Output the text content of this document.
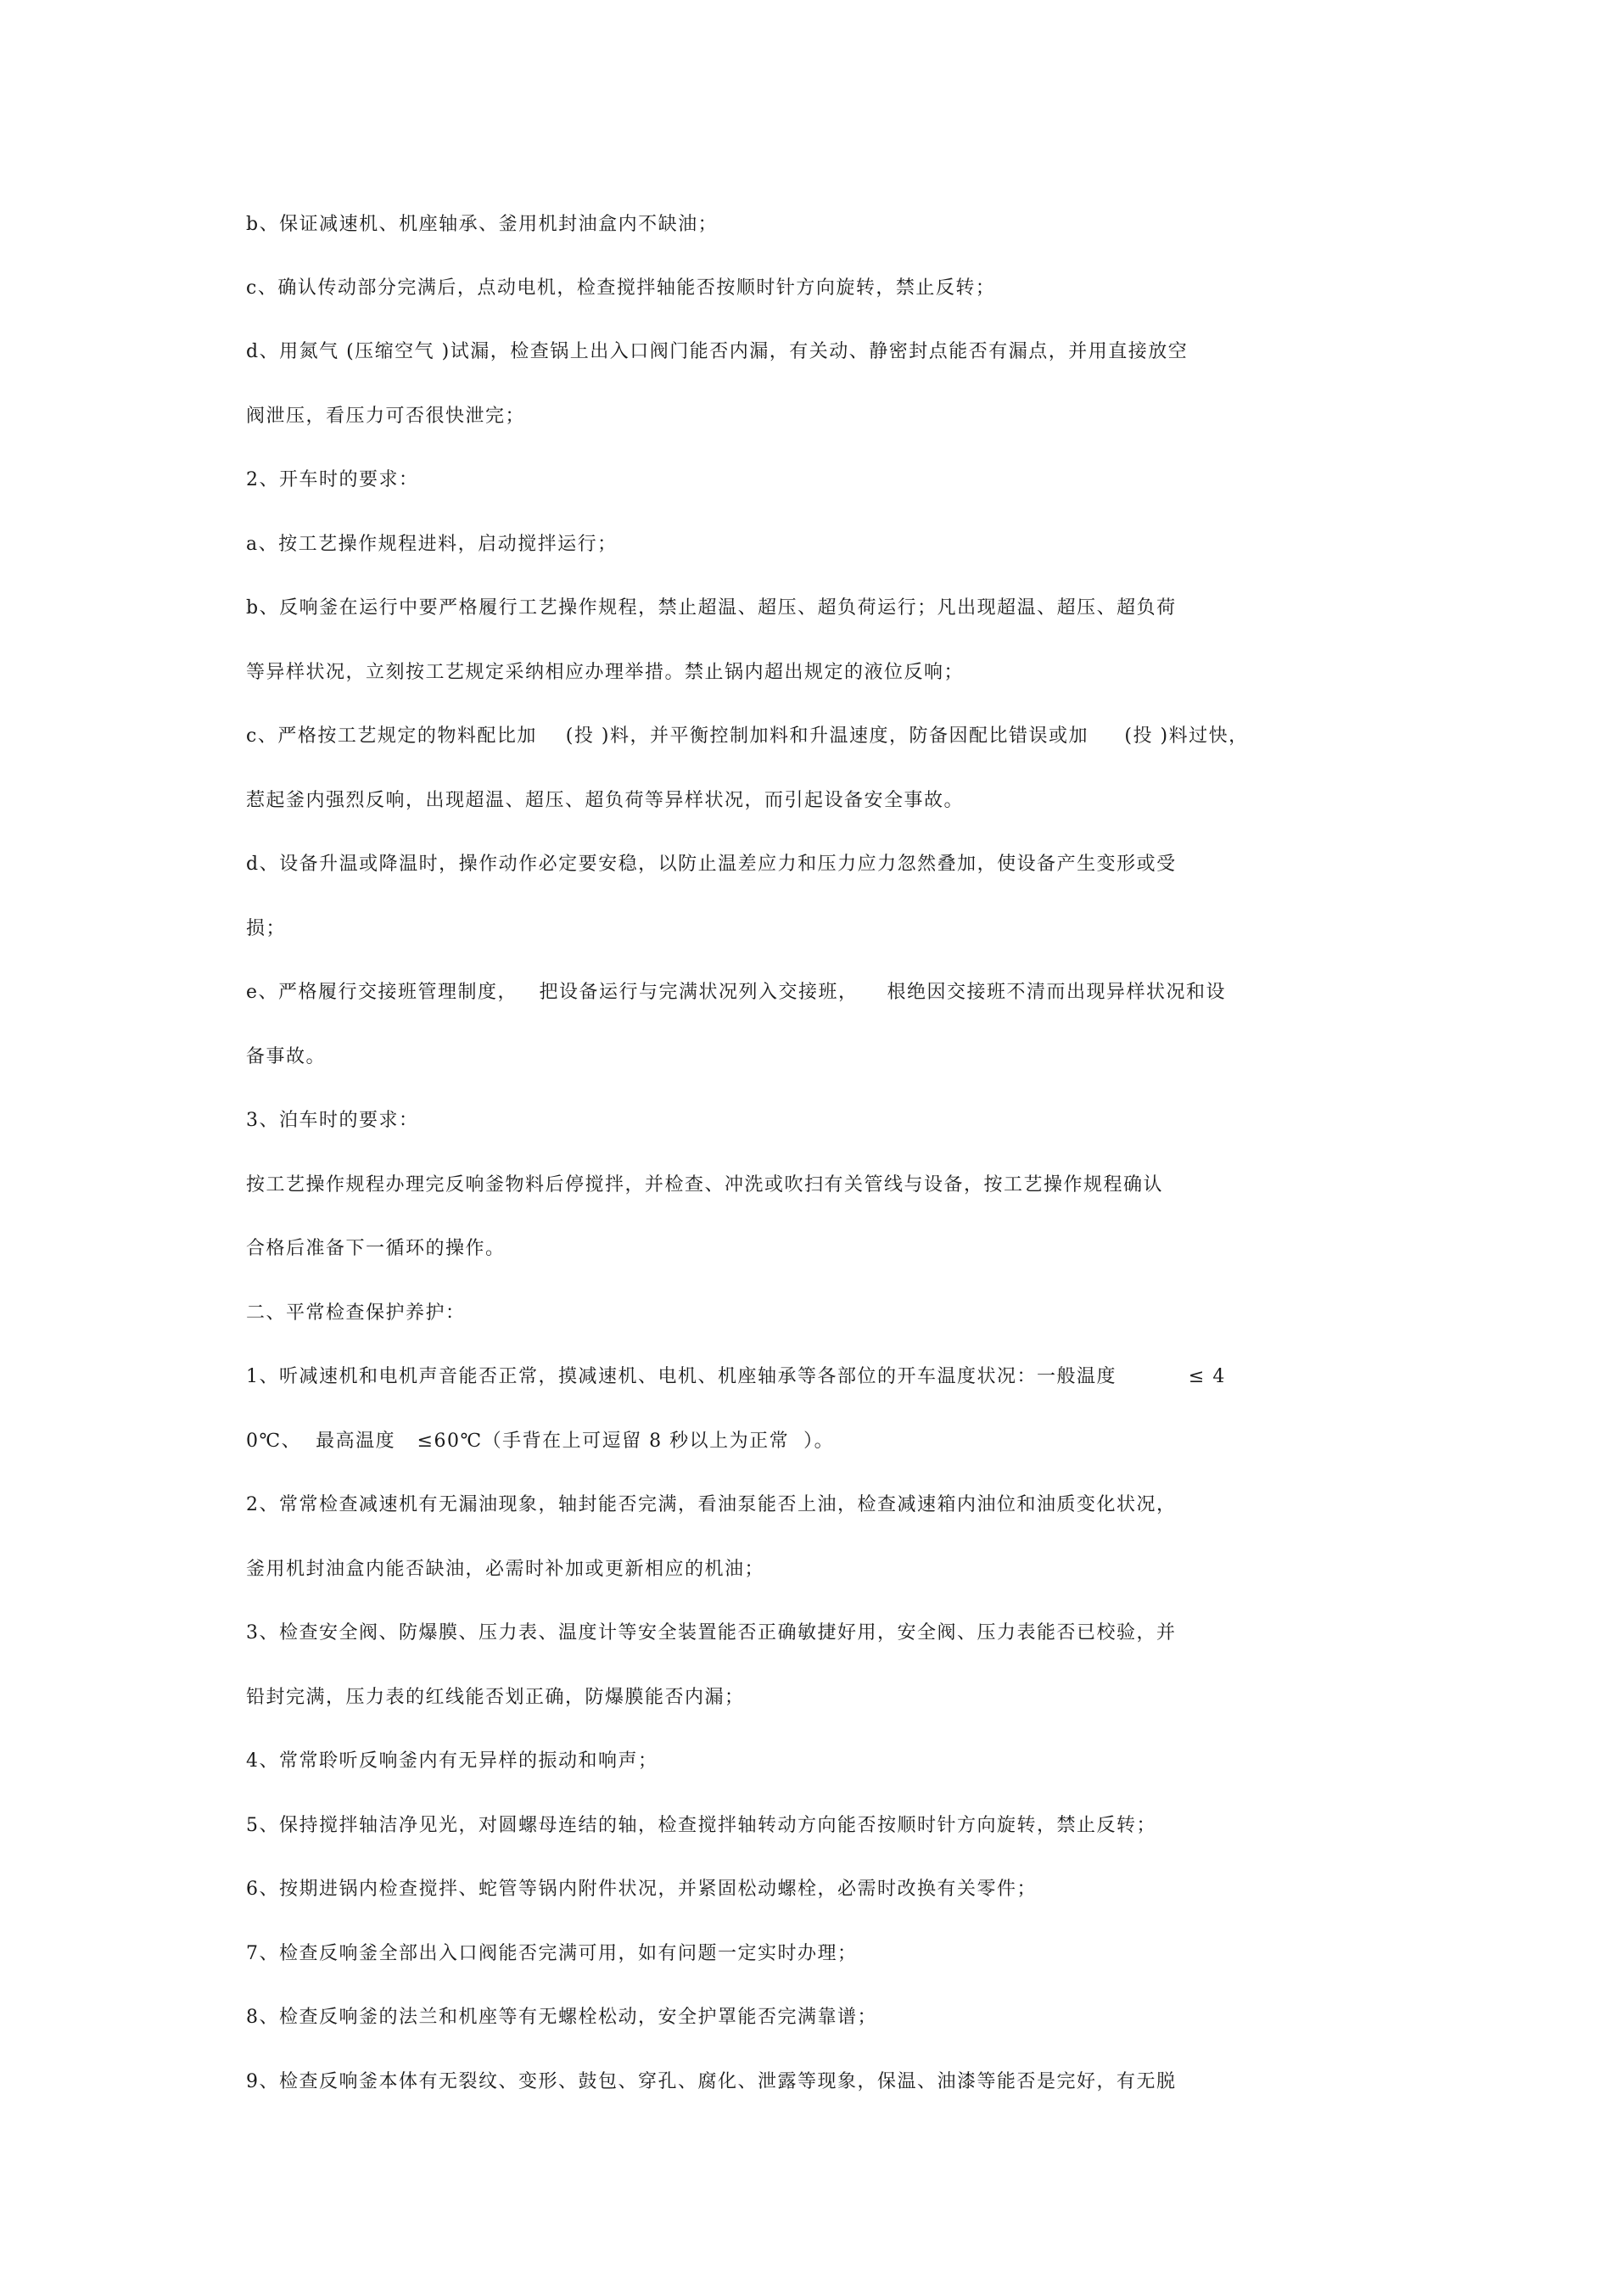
b、保证减速机、机座轴承、釜用机封油盒内不缺油；
c、确认传动部分完满后，点动电机，检查搅拌轴能否按顺时针方向旋转，禁止反转；
d、用氮气 (压缩空气 )试漏，检查锅上出入口阀门能否内漏，有关动、静密封点能否有漏点，并用直接放空
阀泄压，看压力可否很快泄完；
2、开车时的要求：
a、按工艺操作规程进料，启动搅拌运行；
b、反响釜在运行中要严格履行工艺操作规程，禁止超温、超压、超负荷运行；凡出现超温、超压、超负荷
等异样状况，立刻按工艺规定采纳相应办理举措。禁止锅内超出规定的液位反响；
c、严格按工艺规定的物料配比加    (投 )料，并平衡控制加料和升温速度，防备因配比错误或加     (投 )料过快，
惹起釜内强烈反响，出现超温、超压、超负荷等异样状况，而引起设备安全事故。
d、设备升温或降温时，操作动作必定要安稳，以防止温差应力和压力应力忽然叠加，使设备产生变形或受
损；
e、严格履行交接班管理制度，   把设备运行与完满状况列入交接班，    根绝因交接班不清而出现异样状况和设
备事故。
3、泊车时的要求：
按工艺操作规程办理完反响釜物料后停搅拌，并检查、冲洗或吹扫有关管线与设备，按工艺操作规程确认
合格后准备下一循环的操作。
二、平常检查保护养护：
1、听减速机和电机声音能否正常，摸减速机、电机、机座轴承等各部位的开车温度状况：一般温度          ≤ 4
0℃、  最高温度   ≤60℃（手背在上可逗留 8 秒以上为正常  ）。
2、常常检查减速机有无漏油现象，轴封能否完满，看油泵能否上油，检查减速箱内油位和油质变化状况，
釜用机封油盒内能否缺油，必需时补加或更新相应的机油；
3、检查安全阀、防爆膜、压力表、温度计等安全装置能否正确敏捷好用，安全阀、压力表能否已校验，并
铅封完满，压力表的红线能否划正确，防爆膜能否内漏；
4、常常聆听反响釜内有无异样的振动和响声；
5、保持搅拌轴洁净见光，对圆螺母连结的轴，检查搅拌轴转动方向能否按顺时针方向旋转，禁止反转；
6、按期进锅内检查搅拌、蛇管等锅内附件状况，并紧固松动螺栓，必需时改换有关零件；
7、检查反响釜全部出入口阀能否完满可用，如有问题一定实时办理；
8、检查反响釜的法兰和机座等有无螺栓松动，安全护罩能否完满靠谱；
9、检查反响釜本体有无裂纹、变形、鼓包、穿孔、腐化、泄露等现象，保温、油漆等能否是完好，有无脱
